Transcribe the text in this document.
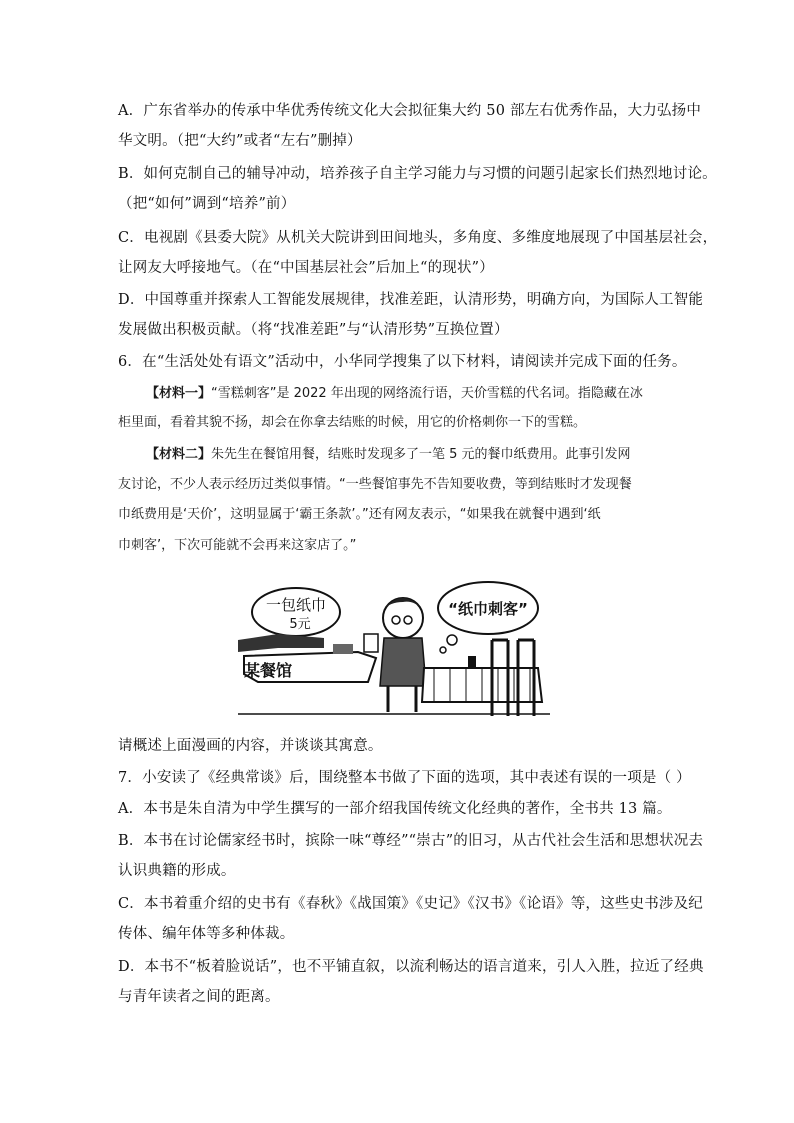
A．广东省举办的传承中华优秀传统文化大会拟征集大约 50 部左右优秀作品，大力弘扬中
华文明。（把“大约”或者“左右”删掉）
B．如何克制自己的辅导冲动，培养孩子自主学习能力与习惯的问题引起家长们热烈地讨论。
（把“如何”调到“培养”前）
C．电视剧《县委大院》从机关大院讲到田间地头，多角度、多维度地展现了中国基层社会，
让网友大呼接地气。（在“中国基层社会”后加上“的现状”）
D．中国尊重并探索人工智能发展规律，找准差距，认清形势，明确方向，为国际人工智能
发展做出积极贡献。（将“找准差距”与“认清形势”互换位置）
6．在“生活处处有语文”活动中，小华同学搜集了以下材料，请阅读并完成下面的任务。
【材料一】“雪糕刺客”是 2022 年出现的网络流行语，天价雪糕的代名词。指隐藏在冰
柜里面，看着其貌不扬，却会在你拿去结账的时候，用它的价格刺你一下的雪糕。
【材料二】朱先生在餐馆用餐，结账时发现多了一笔 5 元的餐巾纸费用。此事引发网
友讨论，不少人表示经历过类似事情。“一些餐馆事先不告知要收费，等到结账时才发现餐
巾纸费用是‘天价’，这明显属于‘霸王条款’。”还有网友表示，“如果我在就餐中遇到‘纸
巾刺客’，下次可能就不会再来这家店了。”
一包纸巾
5元
“纸巾刺客”
某餐馆
请概述上面漫画的内容，并谈谈其寓意。
7．小安读了《经典常谈》后，围绕整本书做了下面的选项，其中表述有误的一项是（ ）
A．本书是朱自清为中学生撰写的一部介绍我国传统文化经典的著作，全书共 13 篇。
B．本书在讨论儒家经书时，摈除一味“尊经”“崇古”的旧习，从古代社会生活和思想状况去
认识典籍的形成。
C．本书着重介绍的史书有《春秋》《战国策》《史记》《汉书》《论语》等，这些史书涉及纪
传体、编年体等多种体裁。
D．本书不“板着脸说话”，也不平铺直叙，以流利畅达的语言道来，引人入胜，拉近了经典
与青年读者之间的距离。
